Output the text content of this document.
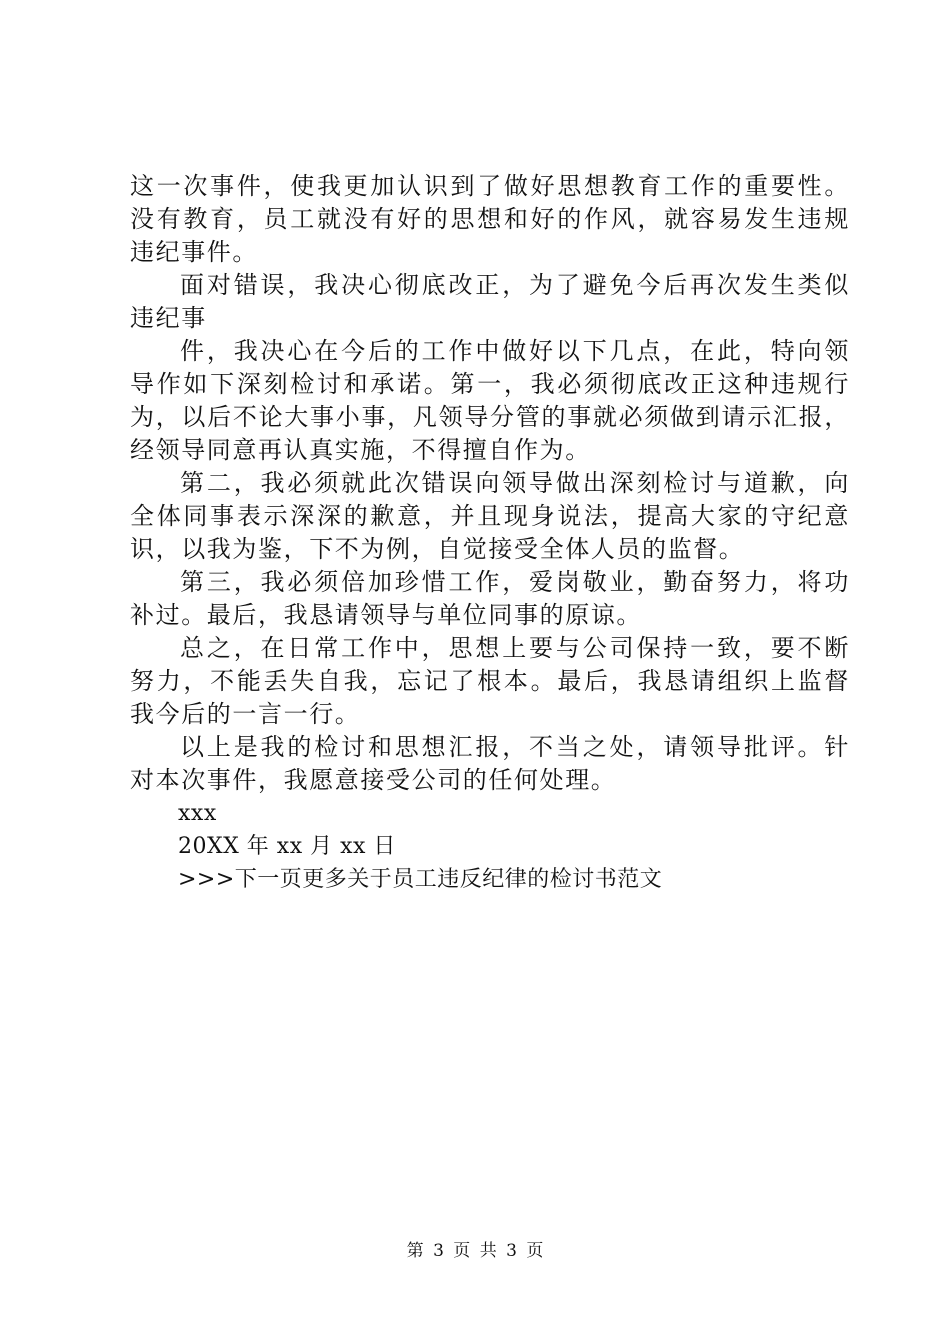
这一次事件，使我更加认识到了做好思想教育工作的重要性。
没有教育，员工就没有好的思想和好的作风，就容易发生违规
违纪事件。
面对错误，我决心彻底改正，为了避免今后再次发生类似
违纪事
件，我决心在今后的工作中做好以下几点，在此，特向领
导作如下深刻检讨和承诺。第一，我必须彻底改正这种违规行
为，以后不论大事小事，凡领导分管的事就必须做到请示汇报，
经领导同意再认真实施，不得擅自作为。
第二，我必须就此次错误向领导做出深刻检讨与道歉，向
全体同事表示深深的歉意，并且现身说法，提高大家的守纪意
识，以我为鉴，下不为例，自觉接受全体人员的监督。
第三，我必须倍加珍惜工作，爱岗敬业，勤奋努力，将功
补过。最后，我恳请领导与单位同事的原谅。
总之，在日常工作中，思想上要与公司保持一致，要不断
努力，不能丢失自我，忘记了根本。最后，我恳请组织上监督
我今后的一言一行。
以上是我的检讨和思想汇报，不当之处，请领导批评。针
对本次事件，我愿意接受公司的任何处理。
xxx
20XX 年 xx 月 xx 日
>>>下一页更多关于员工违反纪律的检讨书范文
第 3 页 共 3 页
